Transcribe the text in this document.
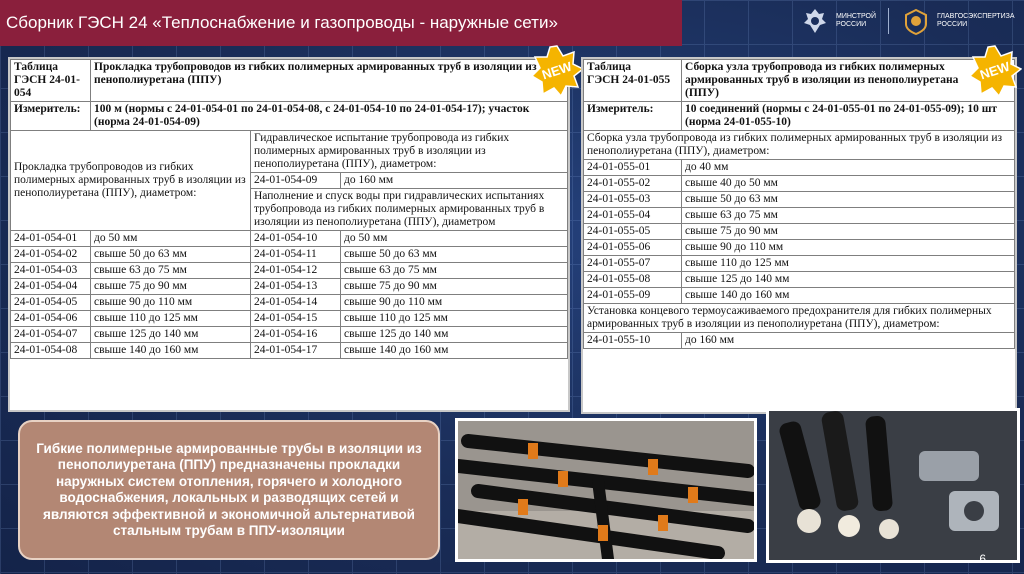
Сборник ГЭСН 24 «Теплоснабжение и газопроводы - наружные сети»	МИНСТРОЙ
РОССИИ
ГЛАВГОСЭКСПЕРТИЗА
РОССИИ
Таблица
ГЭСН 24-01-054	Прокладка трубопроводов из гибких полимерных армированных труб в изоляции из пенополиуретана (ППУ)		
Измеритель:	100 м (нормы с 24-01-054-01 по 24-01-054-08, с 24-01-054-10 по 24-01-054-17); участок (норма 24-01-054-09)		
Прокладка трубопроводов из гибких полимерных армированных труб в изоляции из пенополиуретана (ППУ), диаметром:		Гидравлическое испытание трубопровода из гибких полимерных армированных труб в изоляции из пенополиуретана (ППУ), диаметром:	
		24-01-054-09	до 160 мм
		Наполнение и спуск воды при гидравлических испытаниях трубопровода из гибких полимерных армированных труб в изоляции из пенополиуретана (ППУ), диаметром	
24-01-054-01	до 50 мм	24-01-054-10	до 50 мм
24-01-054-02	свыше 50 до 63 мм	24-01-054-11	свыше 50 до 63 мм
24-01-054-03	свыше 63 до 75 мм	24-01-054-12	свыше 63 до 75 мм
24-01-054-04	свыше 75 до 90 мм	24-01-054-13	свыше 75 до 90 мм
24-01-054-05	свыше 90 до 110 мм	24-01-054-14	свыше 90 до 110 мм
24-01-054-06	свыше 110 до 125 мм	24-01-054-15	свыше 110 до 125 мм
24-01-054-07	свыше 125 до 140 мм	24-01-054-16	свыше 125 до 140 мм
24-01-054-08	свыше 140 до 160 мм	24-01-054-17	свыше 140 до 160 мм
NEW Таблица
ГЭСН 24-01-055	Сборка узла трубопровода из гибких полимерных армированных труб в изоляции из пенополиуретана (ППУ)
Измеритель:	10 соединений (нормы с 24-01-055-01 по 24-01-055-09); 10 шт (норма 24-01-055-10)
Сборка узла трубопровода из гибких полимерных армированных труб в изоляции из пенополиуретана (ППУ), диаметром:	
24-01-055-01	до 40 мм
24-01-055-02	свыше 40 до 50 мм
24-01-055-03	свыше 50 до 63 мм
24-01-055-04	свыше 63 до 75 мм
24-01-055-05	свыше 75 до 90 мм
24-01-055-06	свыше 90 до 110 мм
24-01-055-07	свыше 110 до 125 мм
24-01-055-08	свыше 125 до 140 мм
24-01-055-09	свыше 140 до 160 мм
Установка концевого термоусаживаемого предохранителя для гибких полимерных армированных труб в изоляции из пенополиуретана (ППУ), диаметром:	
24-01-055-10	до 160 мм
NEW
Гибкие полимерные армированные трубы в изоляции из пенополиуретана (ППУ) предназначены прокладки наружных систем отопления, горячего и холодного водоснабжения, локальных и разводящих сетей и являются эффективной и экономичной альтернативой стальным трубам в ППУ-изоляции
6
